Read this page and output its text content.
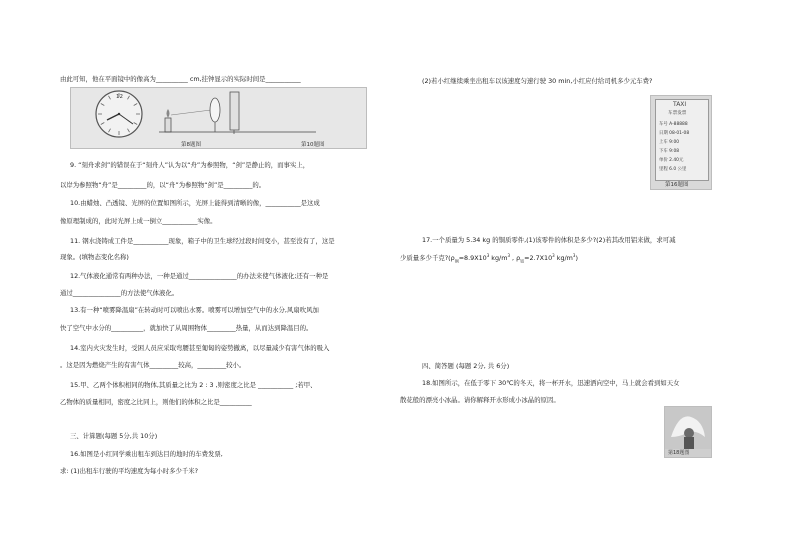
由此可知，他在平面镜中的像高为__________ cm,挂钟显示的实际时间是___________
12
第8题图	第10题图
9. “刻舟求剑”的错误在于“刻舟人”认为以“舟”为参照物，“剑”是静止的，而事实上，
以岸为参照物“舟”是_________的，以“舟”为参照物“剑”是_________的。
10.由蜡烛、凸透镜、光屏的位置如图所示，光屏上能得到清晰的像，___________是这成
像原理制成的，此时光屏上成一倒立___________实像。
11. 钢水浇铸成工件是___________现象，箱子中的卫生球经过段时间变小，甚至没有了，这是
现象。(填物态变化名称)
12.气体液化通常有两种办法，一种是通过_______________的办法来使气体液化;还有一种是
通过_______________的方法使气体液化。
13.有一种“喷雾降温扇”在转动时可以喷出水雾。喷雾可以增加空气中的水分,风扇吹风加
快了空气中水分的__________，就加快了从周围物体_________热量，从而达到降温目的。
14.室内火灾发生时，受困人员应采取弯腰甚至匍匐的姿势撤离，以尽量减少有害气体的吸入
。这是因为燃烧产生的有害气体_________较高，_________较小。
15.甲、乙两个体积相同的物体,其质量之比为 2 : 3 ,则密度之比是 ___________ ;若甲、
乙物体的质量相同，密度之比同上，则他们的体积之比是__________
三、计算题(每题 5分,共 10分)
16.如图是小红同学乘出租车到达目的地时的车费发票,
求: (1)出租车行驶的平均速度为每小时多少千米?
(2)若小红继续乘坐出租车以该速度匀速行驶 30 min,小红应付给司机多少元车费?
TAXI
车票发票
车号 A-88888
日期 08-01-08
上车 9:00
下车 9:08
单价 2.40元
里程 6.0 公里
第16题图
17.一个质量为 5.34 kg 的铜质零件,(1)该零件的体积是多少?(2)若其改用铝来做，求可减
少质量多少千克$?(\rho_铜=8.9X10^3$ $kg/m^3$ , $\rho_铝=2.7X10^3$ $kg/m^3$)
四、简答题 (每题 2分, 共 6分)
18.如图所示，在低于零下 30℃的冬天，将一杯开水，迅速洒向空中，马上就会看到如天女
散花般的漂亮小冰晶。请你解释开水形成小冰晶的原因。
第18题图
